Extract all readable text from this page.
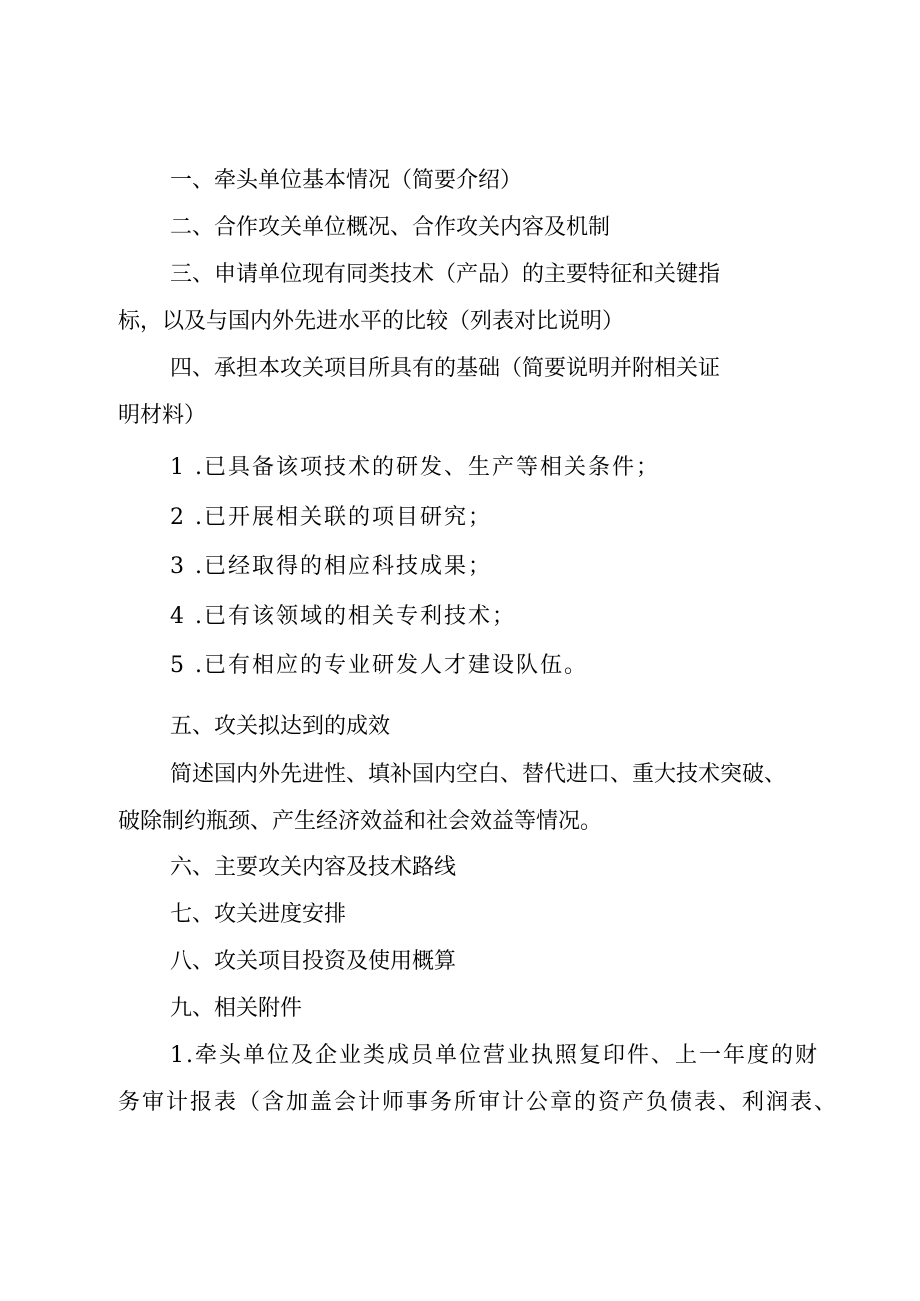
一、牵头单位基本情况（简要介绍）
二、合作攻关单位概况、合作攻关内容及机制
三、申请单位现有同类技术（产品）的主要特征和关键指
标，以及与国内外先进水平的比较（列表对比说明）
四、承担本攻关项目所具有的基础（简要说明并附相关证
明材料）
1 .已具备该项技术的研发、生产等相关条件；
2 .已开展相关联的项目研究；
3 .已经取得的相应科技成果；
4 .已有该领域的相关专利技术；
5 .已有相应的专业研发人才建设队伍。
五、攻关拟达到的成效
简述国内外先进性、填补国内空白、替代进口、重大技术突破、
破除制约瓶颈、产生经济效益和社会效益等情况。
六、主要攻关内容及技术路线
七、攻关进度安排
八、攻关项目投资及使用概算
九、相关附件
1.牵头单位及企业类成员单位营业执照复印件、上一年度的财
务审计报表（含加盖会计师事务所审计公章的资产负债表、利润表、
